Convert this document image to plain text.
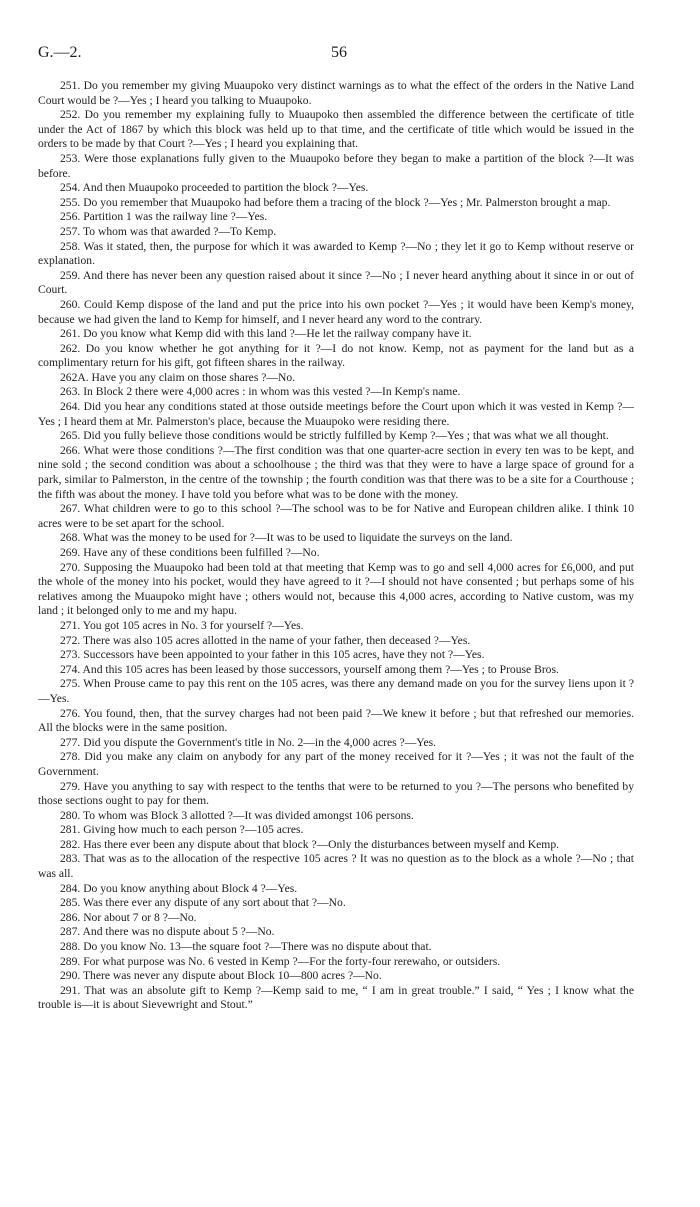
G.—2.	56

251. Do you remember my giving Muaupoko very distinct warnings as to what the effect of the orders in the Native Land Court would be ?—Yes ; I heard you talking to Muaupoko.

252. Do you remember my explaining fully to Muaupoko then assembled the difference between the certificate of title under the Act of 1867 by which this block was held up to that time, and the certificate of title which would be issued in the orders to be made by that Court ?—Yes ; I heard you explaining that.

253. Were those explanations fully given to the Muaupoko before they began to make a partition of the block ?—It was before.

254. And then Muaupoko proceeded to partition the block ?—Yes.

255. Do you remember that Muaupoko had before them a tracing of the block ?—Yes ; Mr. Palmerston brought a map.

256. Partition 1 was the railway line ?—Yes.

257. To whom was that awarded ?—To Kemp.

258. Was it stated, then, the purpose for which it was awarded to Kemp ?—No ; they let it go to Kemp without reserve or explanation.

259. And there has never been any question raised about it since ?—No ; I never heard anything about it since in or out of Court.

260. Could Kemp dispose of the land and put the price into his own pocket ?—Yes ; it would have been Kemp's money, because we had given the land to Kemp for himself, and I never heard any word to the contrary.

261. Do you know what Kemp did with this land ?—He let the railway company have it.

262. Do you know whether he got anything for it ?—I do not know. Kemp, not as payment for the land but as a complimentary return for his gift, got fifteen shares in the railway.

262A. Have you any claim on those shares ?—No.

263. In Block 2 there were 4,000 acres : in whom was this vested ?—In Kemp's name.

264. Did you hear any conditions stated at those outside meetings before the Court upon which it was vested in Kemp ?—Yes ; I heard them at Mr. Palmerston's place, because the Muaupoko were residing there.

265. Did you fully believe those conditions would be strictly fulfilled by Kemp ?—Yes ; that was what we all thought.

266. What were those conditions ?—The first condition was that one quarter-acre section in every ten was to be kept, and nine sold ; the second condition was about a schoolhouse ; the third was that they were to have a large space of ground for a park, similar to Palmerston, in the centre of the township ; the fourth condition was that there was to be a site for a Courthouse ; the fifth was about the money. I have told you before what was to be done with the money.

267. What children were to go to this school ?—The school was to be for Native and European children alike. I think 10 acres were to be set apart for the school.

268. What was the money to be used for ?—It was to be used to liquidate the surveys on the land.

269. Have any of these conditions been fulfilled ?—No.

270. Supposing the Muaupoko had been told at that meeting that Kemp was to go and sell 4,000 acres for £6,000, and put the whole of the money into his pocket, would they have agreed to it ?—I should not have consented ; but perhaps some of his relatives among the Muaupoko might have ; others would not, because this 4,000 acres, according to Native custom, was my land ; it belonged only to me and my hapu.

271. You got 105 acres in No. 3 for yourself ?—Yes.

272. There was also 105 acres allotted in the name of your father, then deceased ?—Yes.

273. Successors have been appointed to your father in this 105 acres, have they not ?—Yes.

274. And this 105 acres has been leased by those successors, yourself among them ?—Yes ; to Prouse Bros.

275. When Prouse came to pay this rent on the 105 acres, was there any demand made on you for the survey liens upon it ?—Yes.

276. You found, then, that the survey charges had not been paid ?—We knew it before ; but that refreshed our memories. All the blocks were in the same position.

277. Did you dispute the Government's title in No. 2—in the 4,000 acres ?—Yes.

278. Did you make any claim on anybody for any part of the money received for it ?—Yes ; it was not the fault of the Government.

279. Have you anything to say with respect to the tenths that were to be returned to you ?—The persons who benefited by those sections ought to pay for them.

280. To whom was Block 3 allotted ?—It was divided amongst 106 persons.

281. Giving how much to each person ?—105 acres.

282. Has there ever been any dispute about that block ?—Only the disturbances between myself and Kemp.

283. That was as to the allocation of the respective 105 acres ? It was no question as to the block as a whole ?—No ; that was all.

284. Do you know anything about Block 4 ?—Yes.

285. Was there ever any dispute of any sort about that ?—No.

286. Nor about 7 or 8 ?—No.

287. And there was no dispute about 5 ?—No.

288. Do you know No. 13—the square foot ?—There was no dispute about that.

289. For what purpose was No. 6 vested in Kemp ?—For the forty-four rerewaho, or outsiders.

290. There was never any dispute about Block 10—800 acres ?—No.

291. That was an absolute gift to Kemp ?—Kemp said to me, “ I am in great trouble.” I said, “ Yes ; I know what the trouble is—it is about Sievewright and Stout.”
